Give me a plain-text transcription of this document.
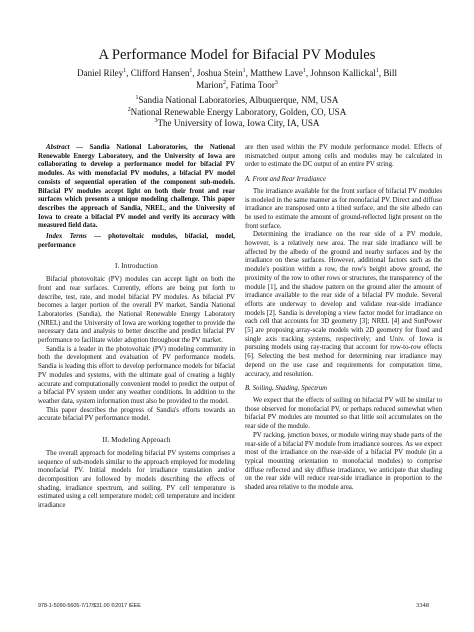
A Performance Model for Bifacial PV Modules
Daniel Riley$^1$, Clifford Hansen$^1$, Joshua Stein$^1$, Matthew Lave$^1$, Johnson Kallickal$^1$, Bill Marion$^2$, Fatima Toor$^3$
$^1$Sandia National Laboratories, Albuquerque, NM, USA
$^2$National Renewable Energy Laboratory, Golden, CO, USA
$^3$The University of Iowa, Iowa City, IA, USA

Abstract — Sandia National Laboratories, the National Renewable Energy Laboratory, and the University of Iowa are collaborating to develop a performance model for bifacial PV modules. As with monofacial PV modules, a bifacial PV model consists of sequential operation of the component sub-models. Bifacial PV modules accept light on both their front and rear surfaces which presents a unique modeling challenge. This paper describes the approach of Sandia, NREL, and the University of Iowa to create a bifacial PV model and verify its accuracy with measured field data.

Index Terms — photovoltaic modules, bifacial, model, performance

I. Introduction

Bifacial photovoltaic (PV) modules can accept light on both the front and rear surfaces. Currently, efforts are being put forth to describe, test, rate, and model bifacial PV modules. As bifacial PV becomes a larger portion of the overall PV market, Sandia National Laboratories (Sandia), the National Renewable Energy Laboratory (NREL) and the University of Iowa are working together to provide the necessary data and analysis to better describe and predict bifacial PV performance to facilitate wider adoption throughout the PV market.

Sandia is a leader in the photovoltaic (PV) modeling community in both the development and evaluation of PV performance models. Sandia is leading this effort to develop performance models for bifacial PV modules and systems, with the ultimate goal of creating a highly accurate and computationally convenient model to predict the output of a bifacial PV system under any weather conditions. In addition to the weather data, system information must also be provided to the model.

This paper describes the progress of Sandia's efforts towards an accurate bifacial PV performance model.

II. Modeling Approach

The overall approach for modeling bifacial PV systems comprises a sequence of sub-models similar to the approach employed for modeling monofacial PV. Initial models for irradiance translation and/or decomposition are followed by models describing the effects of shading, irradiance spectrum, and soiling. PV cell temperature is estimated using a cell temperature model; cell temperature and incident irradiance

are then used within the PV module performance model. Effects of mismatched output among cells and modules may be calculated in order to estimate the DC output of an entire PV string.

A. Front and Rear Irradiance

The irradiance available for the front surface of bifacial PV modules is modeled in the same manner as for monofacial PV. Direct and diffuse irradiance are transposed onto a tilted surface, and the site albedo can be used to estimate the amount of ground-reflected light present on the front surface.

Determining the irradiance on the rear side of a PV module, however, is a relatively new area. The rear side irradiance will be affected by the albedo of the ground and nearby surfaces and by the irradiance on these surfaces. However, additional factors such as the module's position within a row, the row's height above ground, the proximity of the row to other rows or structures, the transparency of the module [1], and the shadow pattern on the ground alter the amount of irradiance available to the rear side of a bifacial PV module. Several efforts are underway to develop and validate rear-side irradiance models [2]. Sandia is developing a view factor model for irradiance on each cell that accounts for 3D geometry [3]; NREL [4] and SunPower [5] are proposing array-scale models with 2D geometry for fixed and single axis tracking systems, respectively; and Univ. of Iowa is pursuing models using ray-tracing that account for row-to-row effects [6]. Selecting the best method for determining rear irradiance may depend on the use case and requirements for computation time, accuracy, and resolution.

B. Soiling, Shading, Spectrum

We expect that the effects of soiling on bifacial PV will be similar to those observed for monofacial PV, or perhaps reduced somewhat when bifacial PV modules are mounted so that little soil accumulates on the rear side of the module.

PV racking, junction boxes, or module wiring may shade parts of the rear-side of a bifacial PV module from irradiance sources. As we expect most of the irradiance on the rear-side of a bifacial PV module (in a typical mounting orientation to monofacial modules) to comprise diffuse reflected and sky diffuse irradiance, we anticipate that shading on the rear side will reduce rear-side irradiance in proportion to the shaded area relative to the module area.

978-1-5090-5605-7/17/$31.00 ©2017 IEEE	3348
